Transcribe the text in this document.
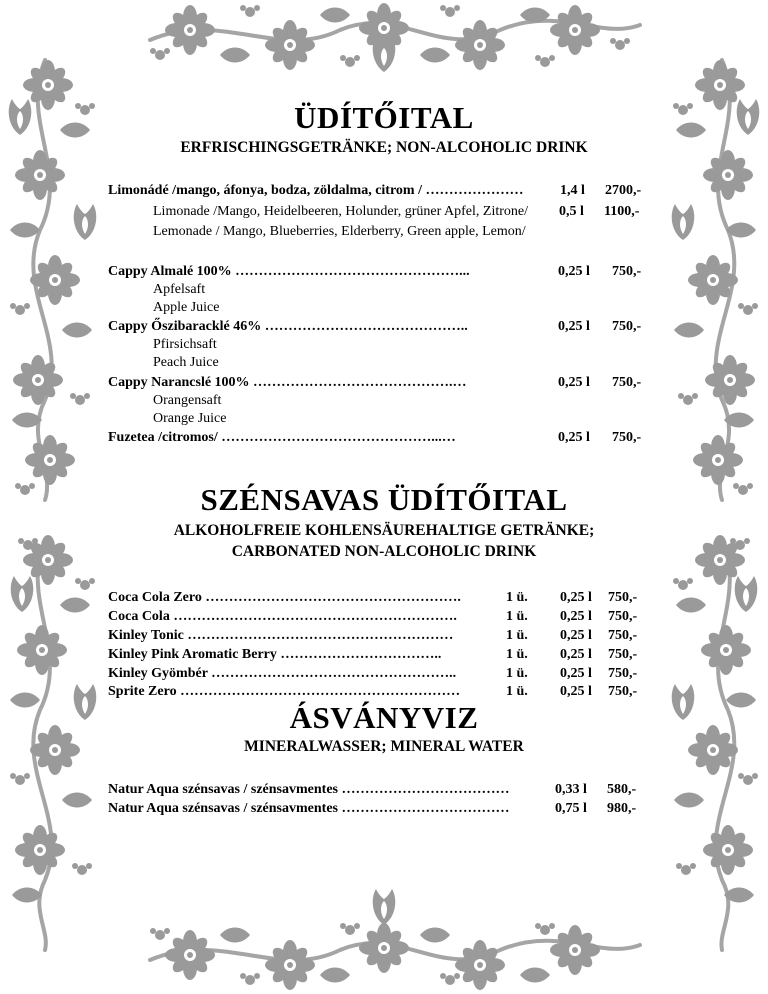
ÜDÍTŐITAL
ERFRISCHINGSGETRÄNKE; NON-ALCOHOLIC DRINK
Limonádé /mango, áfonya, bodza, zöldalma, citrom / …………………	1,4 l 2700,-
Limonade /Mango, Heidelbeeren, Holunder, grüner Apfel, Zitrone/ 0,5 l 1100,-
Lemonade / Mango, Blueberries, Elderberry, Green apple, Lemon/
Cappy Almalé 100% …………………………………………...	0,25 l 750,-
Apfelsaft
Apple Juice
Cappy Őszibaracklé 46% ……………………………………..	0,25 l 750,-
Pfirsichsaft
Peach Juice
Cappy Narancslé 100% …………………………………….…	0,25 l 750,-
Orangensaft
Orange Juice
Fuzetea /citromos/ ………………………………………...…	0,25 l 750,-
SZÉNSAVAS ÜDÍTŐITAL
ALKOHOLFREIE KOHLENSÄUREHALTIGE GETRÄNKE;
CARBONATED NON-ALCOHOLIC DRINK
Coca Cola Zero ……………………………………………….	1 ü. 0,25 l 750,-
Coca Cola …………………………………………………….	1 ü. 0,25 l 750,-
Kinley Tonic …………………………………………………	1 ü. 0,25 l 750,-
Kinley Pink Aromatic Berry ……………………………..	1 ü. 0,25 l 750,-
Kinley Gyömbér ……………………………………………..	1 ü. 0,25 l 750,-
Sprite Zero ……………………………………………………	1 ü. 0,25 l 750,-
ÁSVÁNYVIZ
MINERALWASSER; MINERAL WATER
Natur Aqua szénsavas / szénsavmentes ………………………………	0,33 l 580,-
Natur Aqua szénsavas / szénsavmentes ………………………………	0,75 l 980,-
